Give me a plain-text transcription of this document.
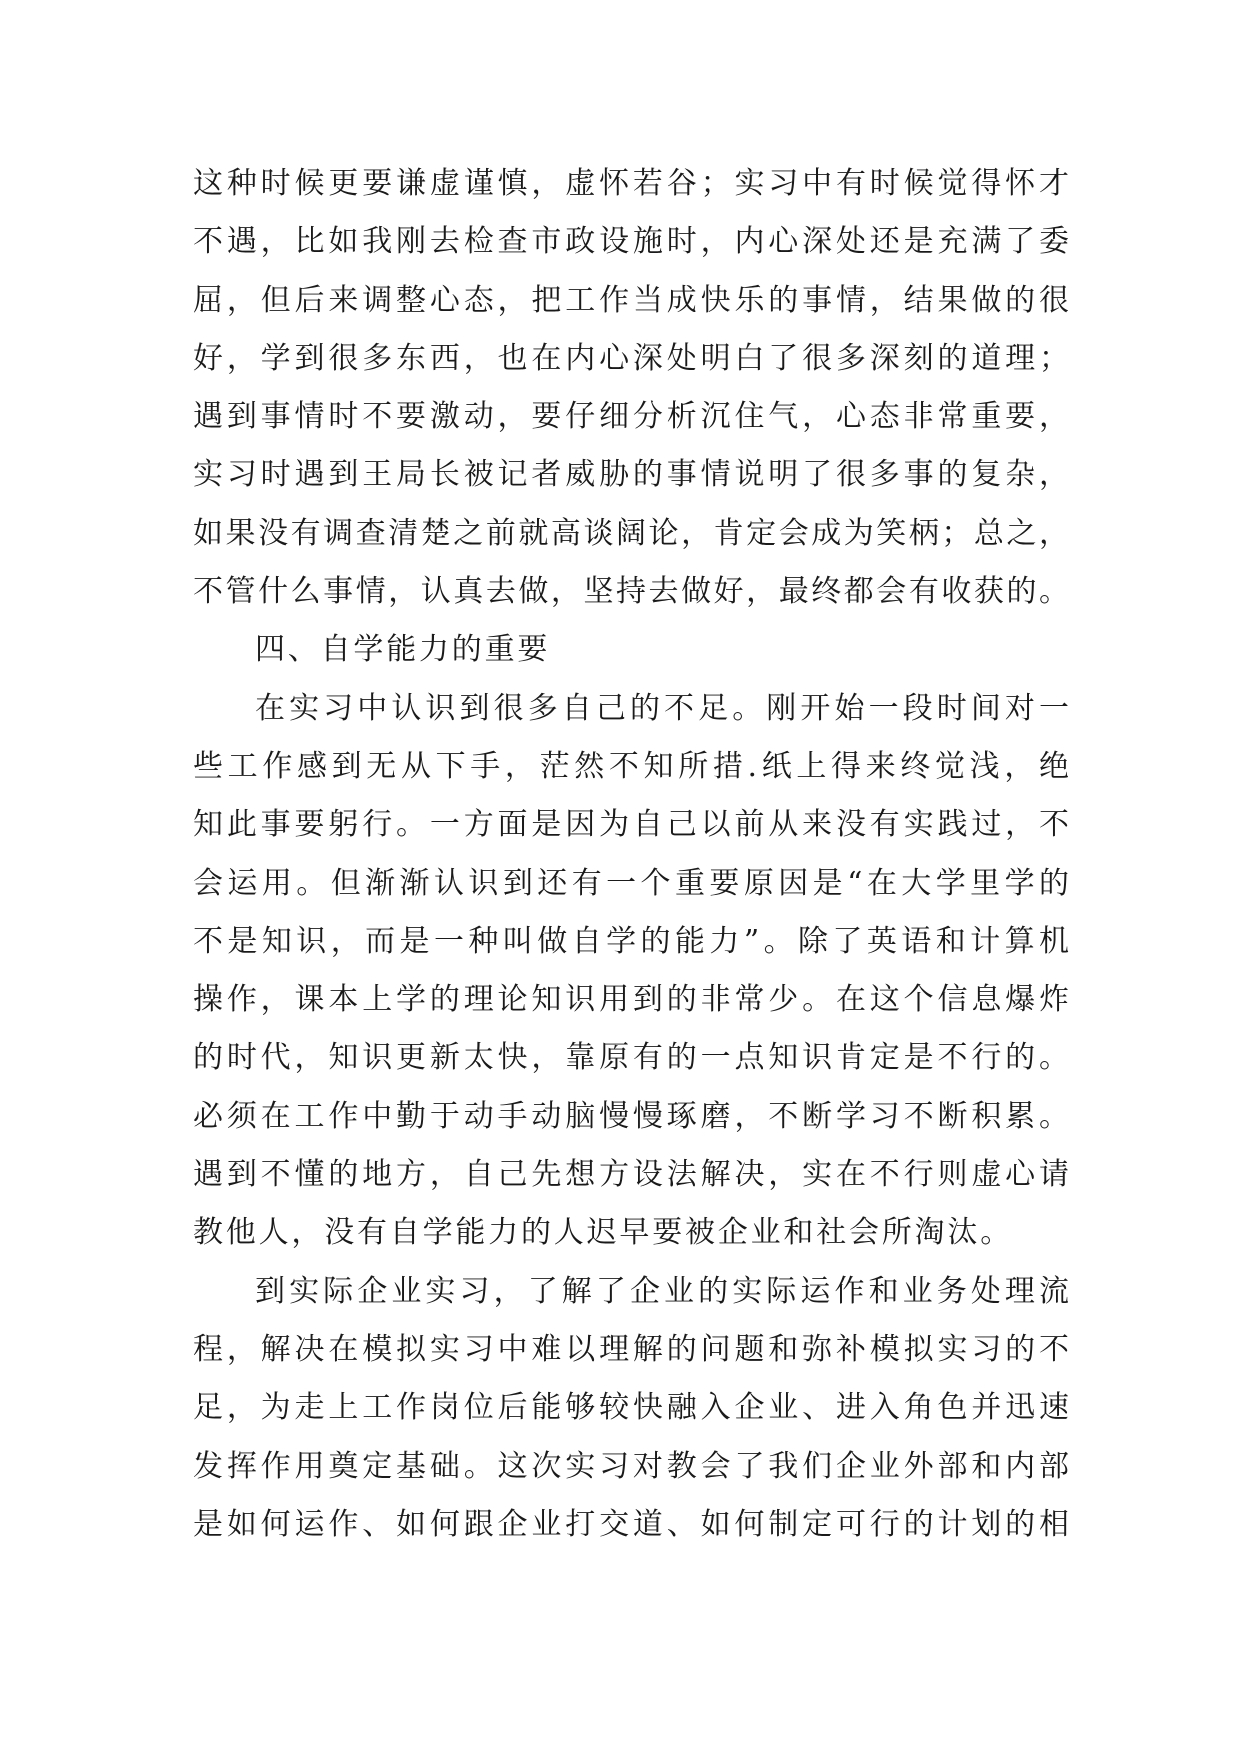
这种时候更要谦虚谨慎，虚怀若谷；实习中有时候觉得怀才
不遇，比如我刚去检查市政设施时，内心深处还是充满了委
屈，但后来调整心态，把工作当成快乐的事情，结果做的很
好，学到很多东西，也在内心深处明白了很多深刻的道理；
遇到事情时不要激动，要仔细分析沉住气，心态非常重要，
实习时遇到王局长被记者威胁的事情说明了很多事的复杂，
如果没有调查清楚之前就高谈阔论，肯定会成为笑柄；总之，
不管什么事情，认真去做，坚持去做好，最终都会有收获的。
四、自学能力的重要
在实习中认识到很多自己的不足。刚开始一段时间对一
些工作感到无从下手，茫然不知所措.纸上得来终觉浅，绝
知此事要躬行。一方面是因为自己以前从来没有实践过，不
会运用。但渐渐认识到还有一个重要原因是“在大学里学的
不是知识，而是一种叫做自学的能力”。除了英语和计算机
操作，课本上学的理论知识用到的非常少。在这个信息爆炸
的时代，知识更新太快，靠原有的一点知识肯定是不行的。
必须在工作中勤于动手动脑慢慢琢磨，不断学习不断积累。
遇到不懂的地方，自己先想方设法解决，实在不行则虚心请
教他人，没有自学能力的人迟早要被企业和社会所淘汰。
到实际企业实习，了解了企业的实际运作和业务处理流
程，解决在模拟实习中难以理解的问题和弥补模拟实习的不
足，为走上工作岗位后能够较快融入企业、进入角色并迅速
发挥作用奠定基础。这次实习对教会了我们企业外部和内部
是如何运作、如何跟企业打交道、如何制定可行的计划的相
